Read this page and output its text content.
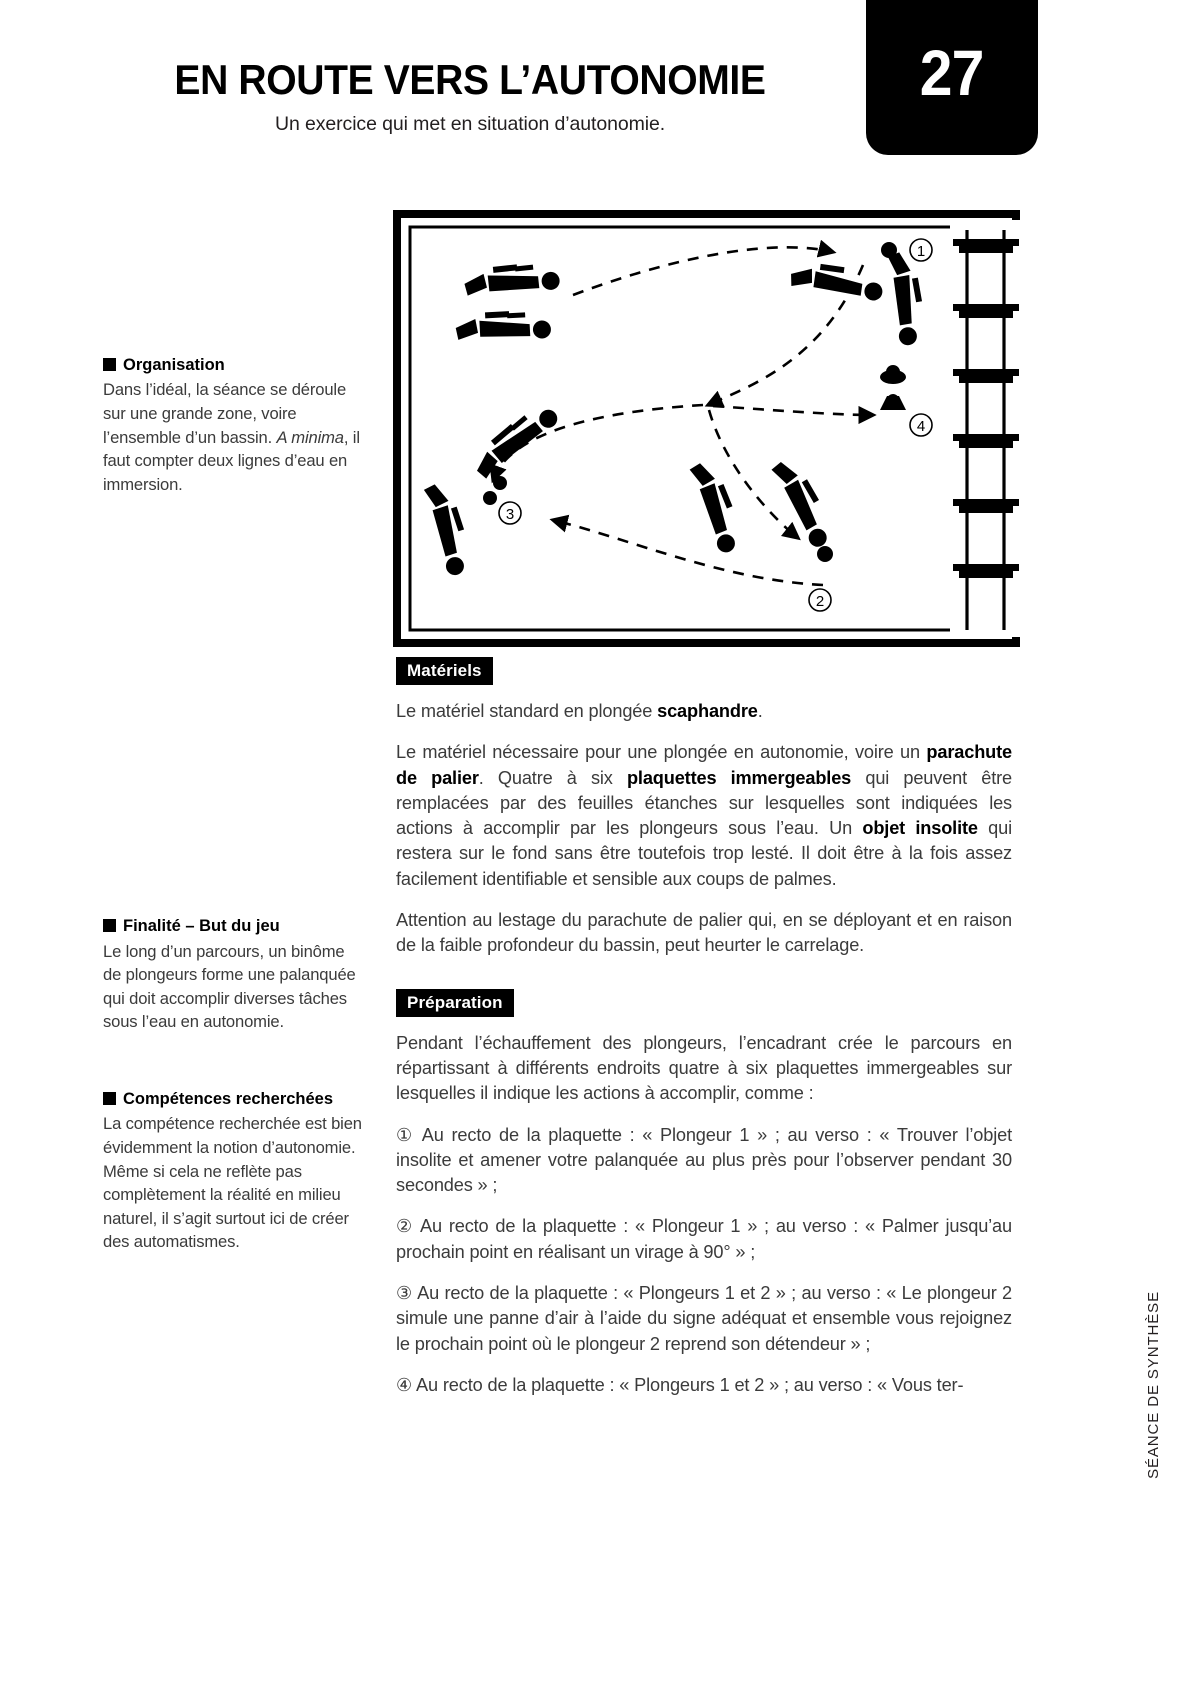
EN ROUTE VERS L’AUTONOMIE
Un exercice qui met en situation d’autonomie.
27
Organisation
Dans l’idéal, la séance se déroule sur une grande zone, voire l’ensemble d’un bassin. A minima, il faut compter deux lignes d’eau en immersion.
Finalité – But du jeu
Le long d’un parcours, un binôme de plongeurs forme une palanquée qui doit accomplir diverses tâches sous l’eau en autonomie.
Compétences recherchées
La compétence recherchée est bien évidemment la notion d’autonomie. Même si cela ne reflète pas complètement la réalité en milieu naturel, il s’agit surtout ici de créer des automatismes.
1
4
3
2
Matériels

Le matériel standard en plongée scaphandre.

Le matériel nécessaire pour une plongée en autonomie, voire un parachute de palier. Quatre à six plaquettes immergeables qui peuvent être remplacées par des feuilles étanches sur lesquelles sont indiquées les actions à accomplir par les plongeurs sous l’eau. Un objet insolite qui restera sur le fond sans être toutefois trop lesté. Il doit être à la fois assez facilement identifiable et sensible aux coups de palmes.

Attention au lestage du parachute de palier qui, en se déployant et en raison de la faible profondeur du bassin, peut heurter le carrelage.

Préparation

Pendant l’échauffement des plongeurs, l’encadrant crée le parcours en répartissant à différents endroits quatre à six plaquettes immergeables sur lesquelles il indique les actions à accomplir, comme :

① Au recto de la plaquette : « Plongeur 1 » ; au verso : « Trouver l’objet insolite et amener votre palanquée au plus près pour l’observer pendant 30 secondes » ;

② Au recto de la plaquette : « Plongeur 1 » ; au verso : « Palmer jusqu’au prochain point en réalisant un virage à 90° » ;

③ Au recto de la plaquette : « Plongeurs 1 et 2 » ; au verso : « Le plongeur 2 simule une panne d’air à l’aide du signe adéquat et ensemble vous rejoignez le prochain point où le plongeur 2 reprend son détendeur » ;

④ Au recto de la plaquette : « Plongeurs 1 et 2 » ; au verso : « Vous ter-	SÉANCE DE SYNTHÈSE
